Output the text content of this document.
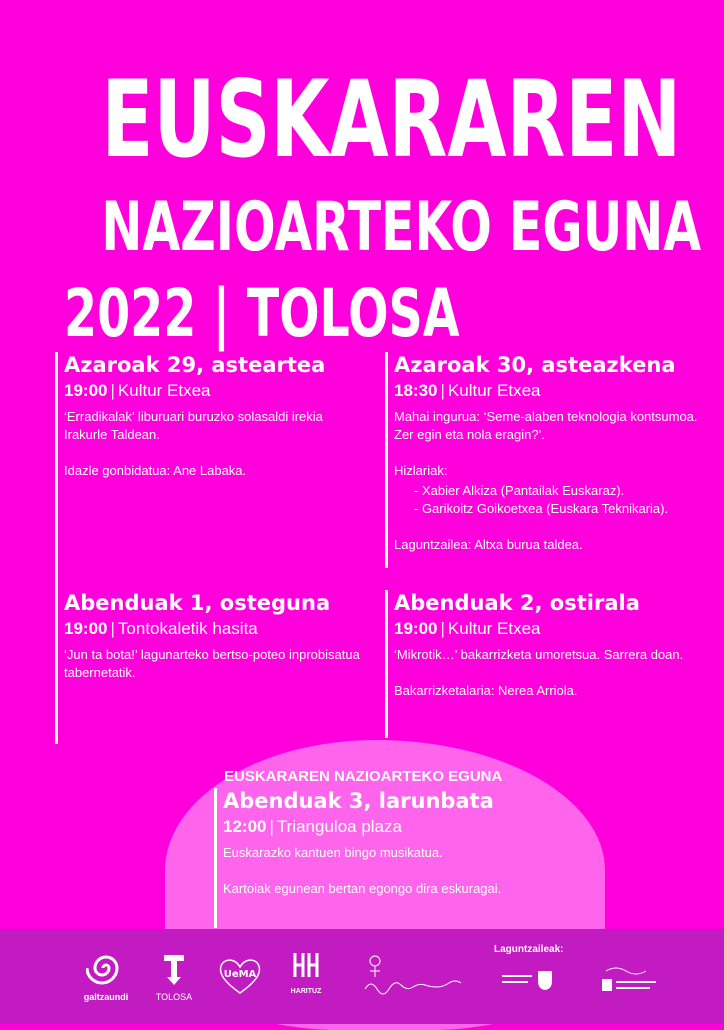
EUSKARAREN
NAZIOARTEKO EGUNA
2022 | TOLOSA
Azaroak 29, asteartea
19:00 | Kultur Etxea

‘Erradikalak’ liburuari buruzko solasaldi irekia Irakurle Taldean.

Idazle gonbidatua: Ane Labaka.

Azaroak 30, asteazkena
18:30 | Kultur Etxea

Mahai ingurua: ‘Seme-alaben teknologia kontsumoa. Zer egin eta nola eragin?’.

Hizlariak:

- Xabier Alkiza (Pantailak Euskaraz).
- Garikoitz Goikoetxea (Euskara Teknikaria).

Laguntzailea: Altxa burua taldea.

Abenduak 1, osteguna
19:00 | Tontokaletik hasita

‘Jun ta bota!’ lagunarteko bertso-poteo inprobisatua tabernetatik.

Abenduak 2, ostirala
19:00 | Kultur Etxea

‘Mikrotik…’ bakarrizketa umoretsua. Sarrera doan.

Bakarrizketalaria: Nerea Arriola.

EUSKARAREN NAZIOARTEKO EGUNA
Abenduak 3, larunbata
12:00 | Trianguloa plaza

Euskarazko kantuen bingo musikatua.

Kartoiak egunean bertan egongo dira eskuragai.

galtzaundi	TOLOSA
UeMA
HARITUZ
Laguntzaileak:
